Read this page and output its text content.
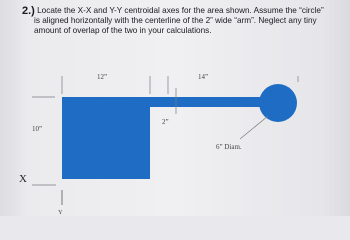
2.) Locate the X-X and Y-Y centroidal axes for the area shown. Assume the “circle”
is aligned horizontally with the centerline of the 2” wide “arm”. Neglect any tiny
amount of overlap of the two in your calculations.
12”	14”
2”
10”
6” Diam.
X
Y
